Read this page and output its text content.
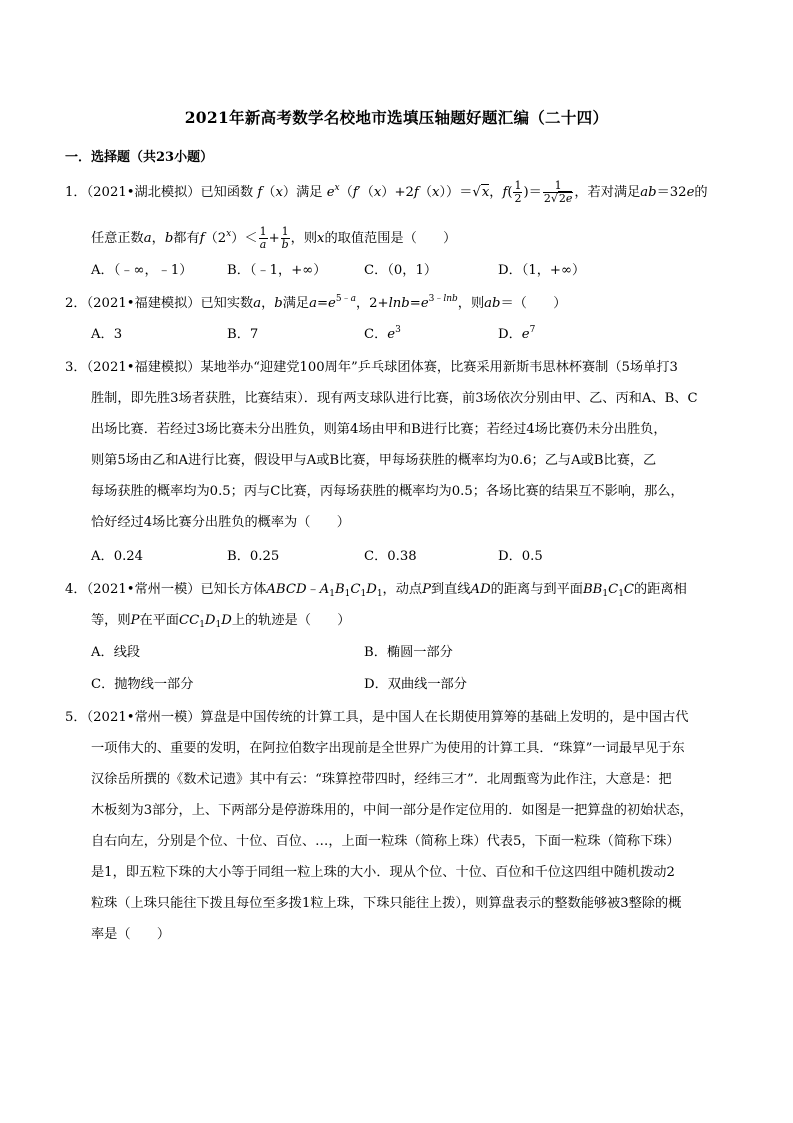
2021年新高考数学名校地市选填压轴题好题汇编（二十四）
一．选择题（共23小题）
1．（2021•湖北模拟）已知函数 f（x）满足 $e^x(f'(x)+2f(x))=√x$，$f( \frac{1}{2}$ )＝ $\frac{1}{2√2e}$ ，若对满足ab＝32e的
任意正数a，b都有$f(2^x)< \frac{1}{a} + \frac{1}{b}$ ，则x的取值范围是（　　）
A．（﹣∞，﹣1）	B．（﹣1，+∞）	C．（0，1）	D．（1，+∞）
2．（2021•福建模拟）已知实数a，b满足$a=e^{5﹣a}$，$2+\ln b=e^{3﹣lnb}$，则ab＝（　　）
A．3	B．7	C．$e^3$	D．$e^7$
3．（2021•福建模拟）某地举办“迎建党100周年”乒乓球团体赛，比赛采用新斯韦思林杯赛制（5场单打3
胜制，即先胜3场者获胜，比赛结束）．现有两支球队进行比赛，前3场依次分别由甲、乙、丙和A、B、C
出场比赛．若经过3场比赛未分出胜负，则第4场由甲和B进行比赛；若经过4场比赛仍未分出胜负，
则第5场由乙和A进行比赛，假设甲与A或B比赛，甲每场获胜的概率均为0.6；乙与A或B比赛，乙
每场获胜的概率均为0.5；丙与C比赛，丙每场获胜的概率均为0.5；各场比赛的结果互不影响，那么，
恰好经过4场比赛分出胜负的概率为（　　）
A．0.24	B．0.25	C．0.38	D．0.5
4．（2021•常州一模）已知长方体$ABCD﹣A_1B_1C_1D_1$，动点P到直线AD的距离与到平面$BB_1C_1C$的距离相
等，则P在平面$CC_1D_1D$上的轨迹是（　　）
A．线段	B．椭圆一部分
C．抛物线一部分	D．双曲线一部分
5．（2021•常州一模）算盘是中国传统的计算工具，是中国人在长期使用算筹的基础上发明的，是中国古代
一项伟大的、重要的发明，在阿拉伯数字出现前是全世界广为使用的计算工具．“珠算”一词最早见于东
汉徐岳所撰的《数术记遗》其中有云：“珠算控带四时，经纬三才”．北周甄鸾为此作注，大意是：把
木板刻为3部分，上、下两部分是停游珠用的，中间一部分是作定位用的．如图是一把算盘的初始状态，
自右向左，分别是个位、十位、百位、…，上面一粒珠（简称上珠）代表5，下面一粒珠（简称下珠）
是1，即五粒下珠的大小等于同组一粒上珠的大小．现从个位、十位、百位和千位这四组中随机拨动2
粒珠（上珠只能往下拨且每位至多拨1粒上珠，下珠只能往上拨），则算盘表示的整数能够被3整除的概
率是（　　）
